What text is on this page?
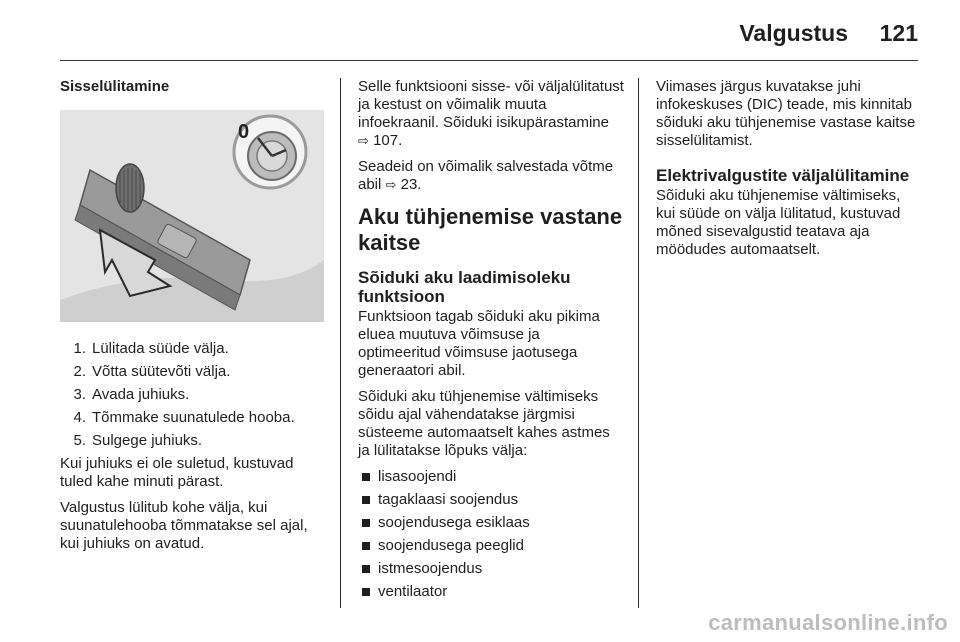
Valgustus 121
Sisselülitamine
0
1. Lülitada süüde välja.
2. Võtta süütevõti välja.
3. Avada juhiuks.
4. Tõmmake suunatulede hooba.
5. Sulgege juhiuks.

Kui juhiuks ei ole suletud, kustuvad tuled kahe minuti pärast.

Valgustus lülitub kohe välja, kui suunatulehooba tõmmatakse sel ajal, kui juhiuks on avatud.

Selle funktsiooni sisse- või väljalülitatust ja kestust on võimalik muuta infoekraanil. Sõiduki isikupärastamine ⇨ 107.

Seadeid on võimalik salvestada võtme abil ⇨ 23.

Aku tühjenemise vastane kaitse
Sõiduki aku laadimisoleku funktsioon

Funktsioon tagab sõiduki aku pikima eluea muutuva võimsuse ja optimeeritud võimsuse jaotusega generaatori abil.

Sõiduki aku tühjenemise vältimiseks sõidu ajal vähendatakse järgmisi süsteeme automaatselt kahes astmes ja lülitatakse lõpuks välja:

lisasoojendi
tagaklaasi soojendus
soojendusega esiklaas
soojendusega peeglid
istmesoojendus
ventilaator

Viimases järgus kuvatakse juhi infokeskuses (DIC) teade, mis kinnitab sõiduki aku tühjenemise vastase kaitse sisselülitamist.

Elektrivalgustite väljalülitamine

Sõiduki aku tühjenemise vältimiseks, kui süüde on välja lülitatud, kustuvad mõned sisevalgustid teatava aja möödudes automaatselt.

carmanualsonline.info
